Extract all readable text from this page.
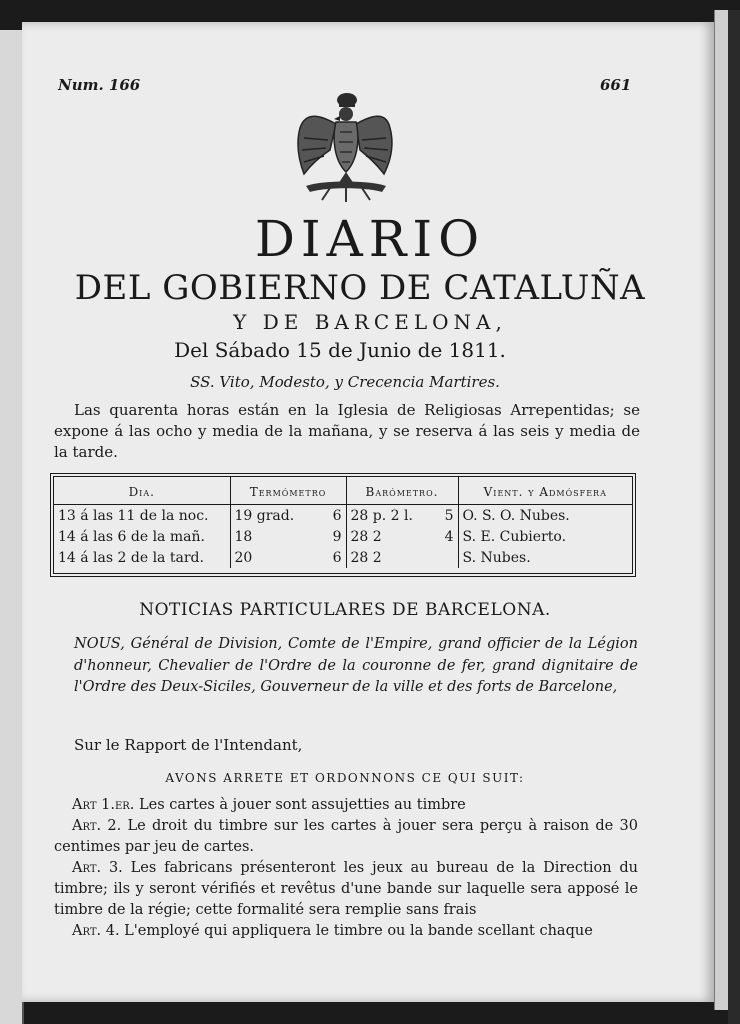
Num. 166	661
DIARIO
DEL GOBIERNO DE CATALUÑA
Y DE BARCELONA,
Del Sábado 15 de Junio de 1811.
SS. Vito, Modesto, y Crecencia Martires.
Las quarenta horas están en la Iglesia de Religiosas Arrepentidas; se expone á las ocho y media de la mañana, y se reserva á las seis y media de la tarde.
Dia.	Termómetro	Barómetro.	Vient. y Admósfera
13 á las 11 de la noc.	19 grad. 6	28 p. 2 l. 5	O. S. O. Nubes.
14 á las 6 de la mañ.	18 9	28 2 4	S. E. Cubierto.
14 á las 2 de la tard.	20 6	28 2	S. Nubes.
NOTICIAS PARTICULARES DE BARCELONA.
NOUS, Général de Division, Comte de l'Empire, grand officier de la Légion d'honneur, Chevalier de l'Ordre de la couronne de fer, grand dignitaire de l'Ordre des Deux-Siciles, Gouverneur de la ville et des forts de Barcelone,
Sur le Rapport de l'Intendant,
AVONS ARRETE ET ORDONNONS CE QUI SUIT:

Art 1.er. Les cartes à jouer sont assujetties au timbre

Art. 2. Le droit du timbre sur les cartes à jouer sera perçu à raison de 30 centimes par jeu de cartes.

Art. 3. Les fabricans présenteront les jeux au bureau de la Direction du timbre; ils y seront vérifiés et revêtus d'une bande sur laquelle sera apposé le timbre de la régie; cette formalité sera remplie sans frais

Art. 4. L'employé qui appliquera le timbre ou la bande scellant chaque
